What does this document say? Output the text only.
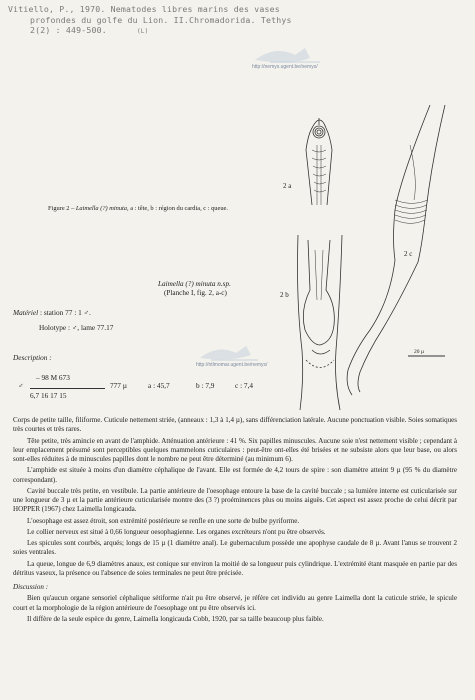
Vitiello, P., 1970. Nematodes libres marins des vases
profondes du golfe du Lion. II.Chromadorida. Tethys
2(2) : 449-500.	(L)
http://nemys.ugent.be/nemys/
http://ntlmomar.ugent.be/nemys/
2 a
2 b
2 c
20 µ
Figure 2 – Laimella (?) minuta, a : tête, b : région du cardia, c : queue.
Laimella (?) minuta n.sp.
(Planche I, fig. 2, a-c)
Matériel : station 77 : 1 ♂.
Holotype : ♂, lame 77.17
Description :
♂
– 98 M 673
6,7 16 17 15
777 µ	a : 45,7	b : 7,9	c : 7,4

Corps de petite taille, filiforme. Cuticule nettement striée, (anneaux : 1,3 à 1,4 µ), sans différenciation latérale. Aucune ponctuation visible. Soies somatiques très courtes et très rares.

Tête petite, très amincie en avant de l'amphide. Atténuation antérieure : 41 %. Six papilles minuscules. Aucune soie n'est nettement visible ; cependant à leur emplacement présumé sont perceptibles quelques mammelons cuticulaires : peut-être ont-elles été brisées et ne subsiste alors que leur base, ou alors sont-elles réduites à de minuscules papilles dont le nombre ne peut être déterminé (au minimum 6).

L'amphide est située à moins d'un diamètre céphalique de l'avant. Elle est formée de 4,2 tours de spire : son diamètre atteint 9 µ (95 % du diamètre correspondant).

Cavité buccale très petite, en vestibule. La partie antérieure de l'oesophage entoure la base de la cavité buccale ; sa lumière interne est cuticularisée sur une longueur de 3 µ et la partie antérieure cuticularisée montre des (3 ?) proéminences plus ou moins aiguës. Cet aspect est assez proche de celui décrit par HOPPER (1967) chez Laimella longicauda.

L'oesophage est assez étroit, son extrémité postérieure se renfle en une sorte de bulbe pyriforme.

Le collier nerveux est situé à 0,66 longueur oesophagienne. Les organes excréteurs n'ont pu être observés.

Les spicules sont courbés, arqués; longs de 15 µ (1 diamètre anal). Le gubernaculum possède une apophyse caudale de 8 µ. Avant l'anus se trouvent 2 soies ventrales.

La queue, longue de 6,9 diamètres anaux, est conique sur environ la moitié de sa longueur puis cylindrique. L'extrémité étant masquée en partie par des détritus vaseux, la présence ou l'absence de soies terminales ne peut être précisée.

Discussion :

Bien qu'aucun organe sensoriel céphalique sétiforme n'ait pu être observé, je réfère cet individu au genre Laimella dont la cuticule striée, le spicule court et la morphologie de la région antérieure de l'oesophage ont pu être observés ici.

Il diffère de la seule espèce du genre, Laimella longicauda Cobb, 1920, par sa taille beaucoup plus faible.
